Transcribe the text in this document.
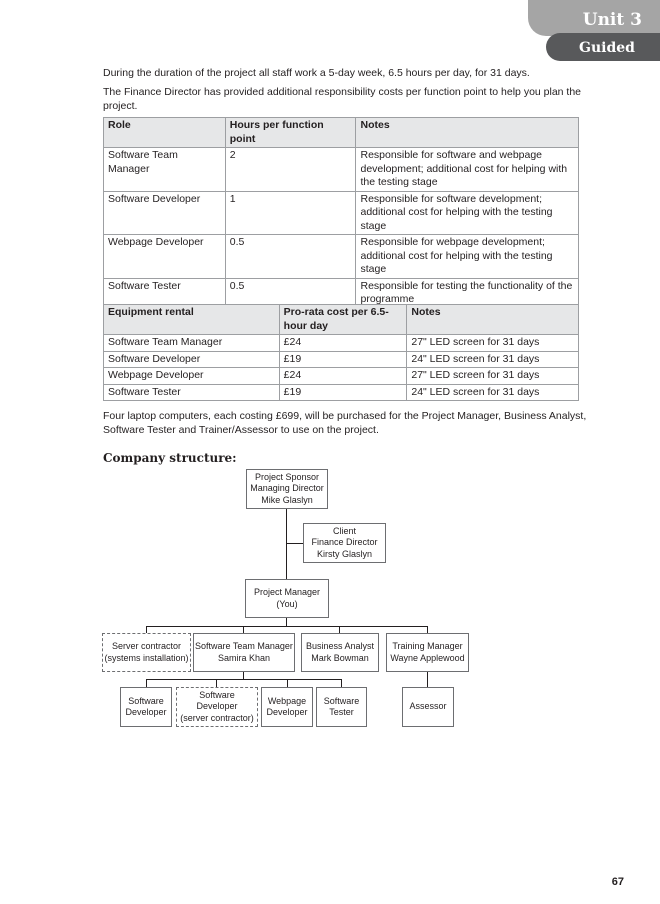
Unit 3
Guided

During the duration of the project all staff work a 5-day week, 6.5 hours per day, for 31 days.

The Finance Director has provided additional responsibility costs per function point to help you plan the project.

Role	Hours per function point	Notes
Software Team Manager	2	Responsible for software and webpage development; additional cost for helping with the testing stage
Software Developer	1	Responsible for software development; additional cost for helping with the testing stage
Webpage Developer	0.5	Responsible for webpage development; additional cost for helping with the testing stage
Software Tester	0.5	Responsible for testing the functionality of the programme
Equipment rental	Pro-rata cost per 6.5-hour day	Notes
Software Team Manager	£24	27" LED screen for 31 days
Software Developer	£19	24" LED screen for 31 days
Webpage Developer	£24	27" LED screen for 31 days
Software Tester	£19	24" LED screen for 31 days

Four laptop computers, each costing £699, will be purchased for the Project Manager, Business Analyst, Software Tester and Trainer/Assessor to use on the project.

Company structure:
Project Sponsor
Managing Director
Mike Glaslyn
Client
Finance Director
Kirsty Glaslyn
Project Manager
(You)
Server contractor
(systems installation)
Software Team Manager
Samira Khan
Business Analyst
Mark Bowman
Training Manager
Wayne Applewood
Software
Developer
Software
Developer
(server contractor)
Webpage
Developer
Software
Tester
Assessor
67
